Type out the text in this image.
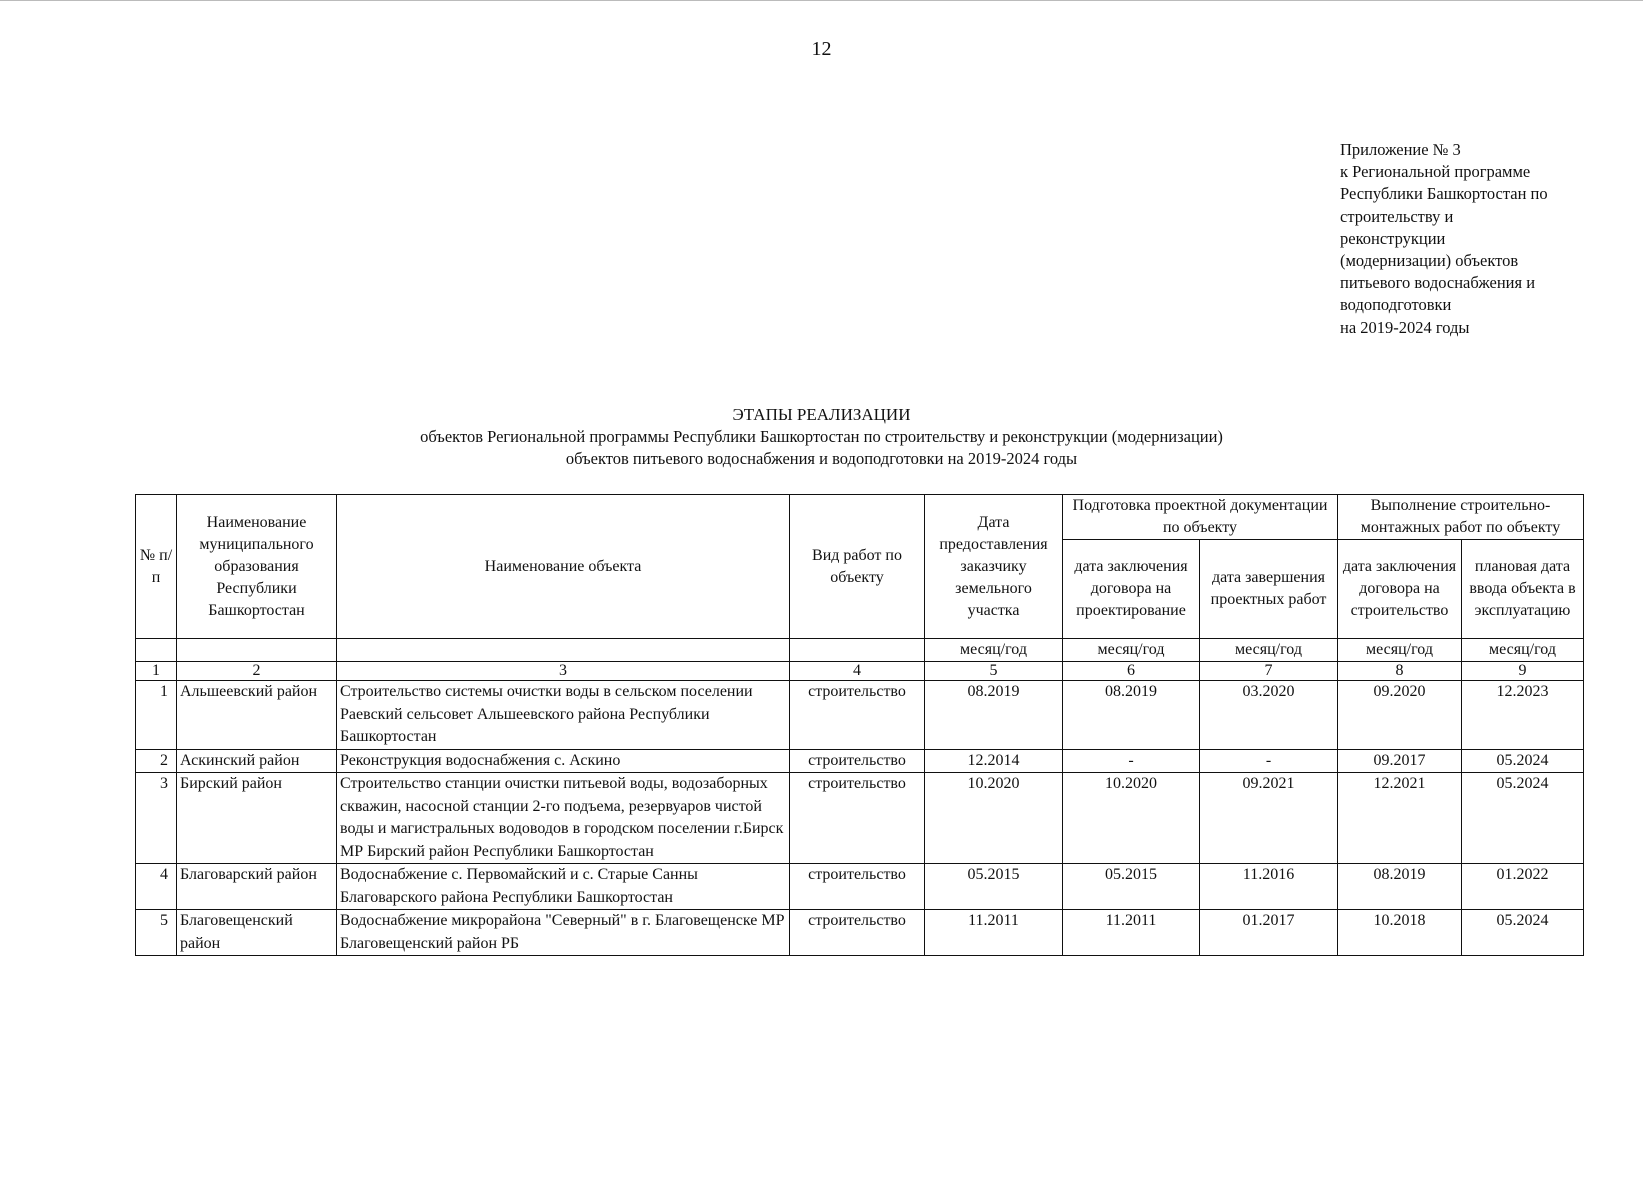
12
Приложение № 3
к Региональной программе
Республики Башкортостан по
строительству и
реконструкции
(модернизации) объектов
питьевого водоснабжения и
водоподготовки
на 2019-2024 годы
ЭТАПЫ РЕАЛИЗАЦИИ
объектов Региональной программы Республики Башкортостан по строительству и реконструкции (модернизации)
объектов питьевого водоснабжения и водоподготовки на 2019-2024 годы
№ п/п	Наименование муниципального образования Республики Башкортостан	Наименование объекта	Вид работ по объекту	Дата предоставления заказчику земельного участка	Подготовка проектной документации по объекту		Выполнение строительно-монтажных работ по объекту	
					дата заключения договора на проектирование	дата завершения проектных работ	дата заключения договора на строительство	плановая дата ввода объекта в эксплуатацию
				месяц/год	месяц/год	месяц/год	месяц/год	месяц/год
1	2	3	4	5	6	7	8	9
1	Альшеевский район	Строительство системы очистки воды в сельском поселении Раевский сельсовет Альшеевского района Республики Башкортостан	строительство	08.2019	08.2019	03.2020	09.2020	12.2023
2	Аскинский район	Реконструкция водоснабжения с. Аскино	строительство	12.2014	-	-	09.2017	05.2024
3	Бирский район	Строительство станции очистки питьевой воды, водозаборных скважин, насосной станции 2-го подъема, резервуаров чистой воды и магистральных водоводов в городском поселении г.Бирск МР Бирский район Республики Башкортостан	строительство	10.2020	10.2020	09.2021	12.2021	05.2024
4	Благоварский район	Водоснабжение с. Первомайский и с. Старые Санны Благоварского района Республики Башкортостан	строительство	05.2015	05.2015	11.2016	08.2019	01.2022
5	Благовещенский район	Водоснабжение микрорайона "Северный" в г. Благовещенске МР Благовещенский район РБ	строительство	11.2011	11.2011	01.2017	10.2018	05.2024
